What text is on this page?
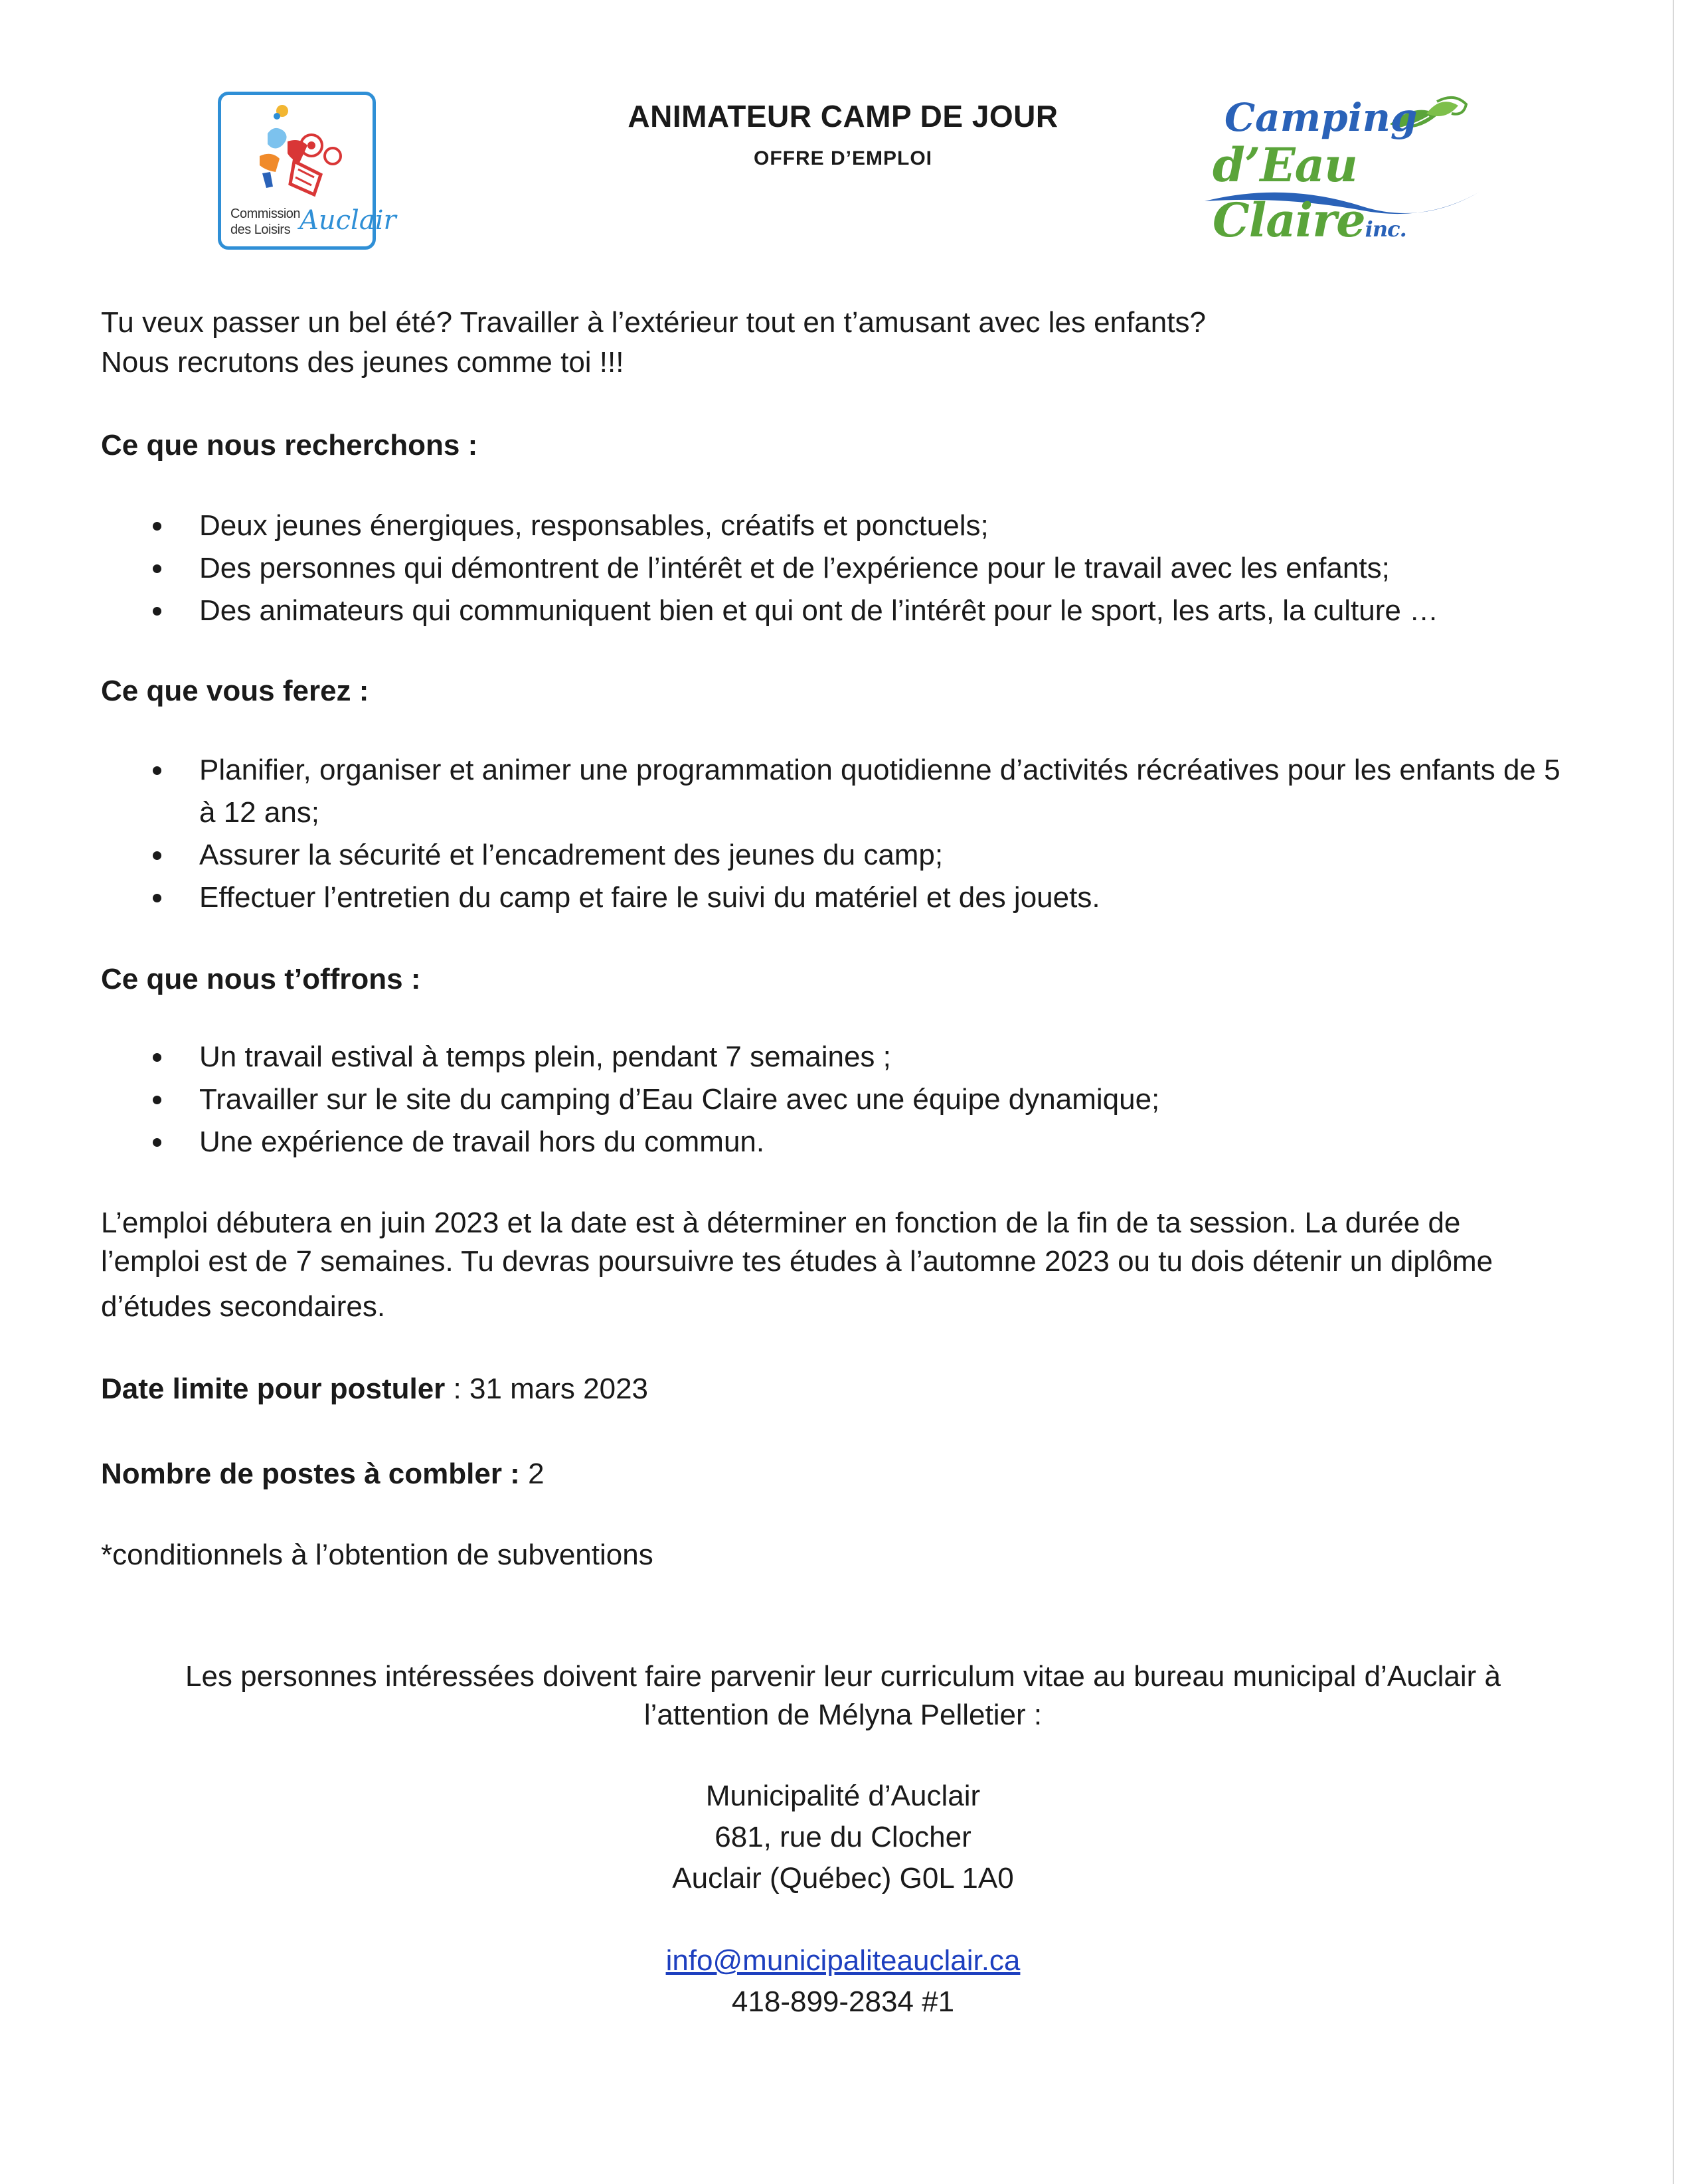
Commission
des Loisirs Auclair
ANIMATEUR CAMP DE JOUR
OFFRE D’EMPLOI
Camping
d’Eau Claireinc.
Tu veux passer un bel été? Travailler à l’extérieur tout en t’amusant avec les enfants?
Nous recrutons des jeunes comme toi !!!
Ce que nous recherchons :
Deux jeunes énergiques, responsables, créatifs et ponctuels;
Des personnes qui démontrent de l’intérêt et de l’expérience pour le travail avec les enfants;
Des animateurs qui communiquent bien et qui ont de l’intérêt pour le sport, les arts, la culture …
Ce que vous ferez :
Planifier, organiser et animer une programmation quotidienne d’activités récréatives pour les enfants de 5 à 12 ans;
Assurer la sécurité et l’encadrement des jeunes du camp;
Effectuer l’entretien du camp et faire le suivi du matériel et des jouets.
Ce que nous t’offrons :
Un travail estival à temps plein, pendant 7 semaines ;
Travailler sur le site du camping d’Eau Claire avec une équipe dynamique;
Une expérience de travail hors du commun.
L’emploi débutera en juin 2023 et la date est à déterminer en fonction de la fin de ta session. La durée de
l’emploi est de 7 semaines. Tu devras poursuivre tes études à l’automne 2023 ou tu dois détenir un diplôme
d’études secondaires.
Date limite pour postuler : 31 mars 2023
Nombre de postes à combler : 2
*conditionnels à l’obtention de subventions
Les personnes intéressées doivent faire parvenir leur curriculum vitae au bureau municipal d’Auclair à
l’attention de Mélyna Pelletier :
Municipalité d’Auclair
681, rue du Clocher
Auclair (Québec) G0L 1A0
info@municipaliteauclair.ca
418-899-2834 #1
